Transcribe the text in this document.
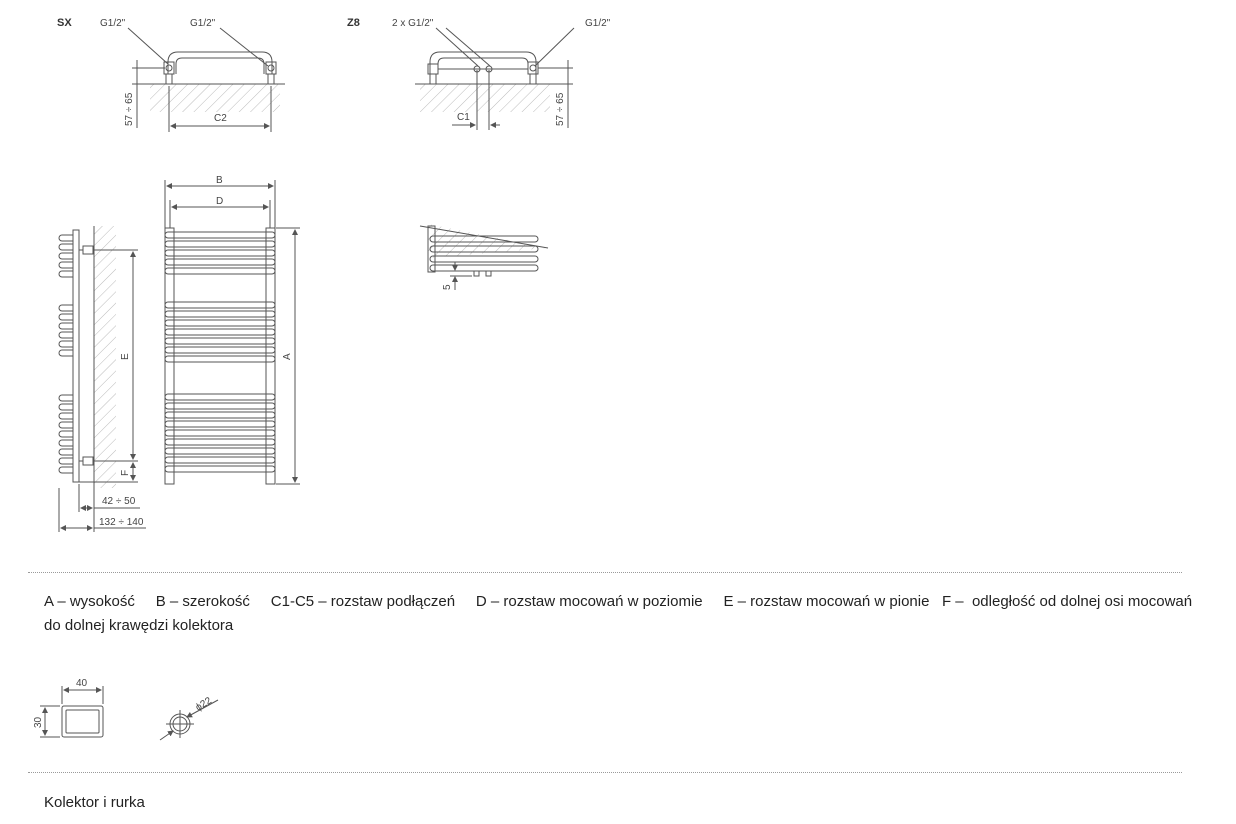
SX	G1/2"	G1/2"
57 ÷ 65	C2
Z8	2 x G1/2"	G1/2"
C1	57 ÷ 65
E
F
42 ÷ 50
132 ÷ 140
B
D
A
5
40
30
ϕ22
A – wysokość B – szerokość C1-C5 – rozstaw podłączeń D – rozstaw mocowań w poziomie E – rozstaw mocowań w pionie F –  odległość od dolnej osi mocowań do dolnej krawędzi kolektora
Kolektor i rurka
